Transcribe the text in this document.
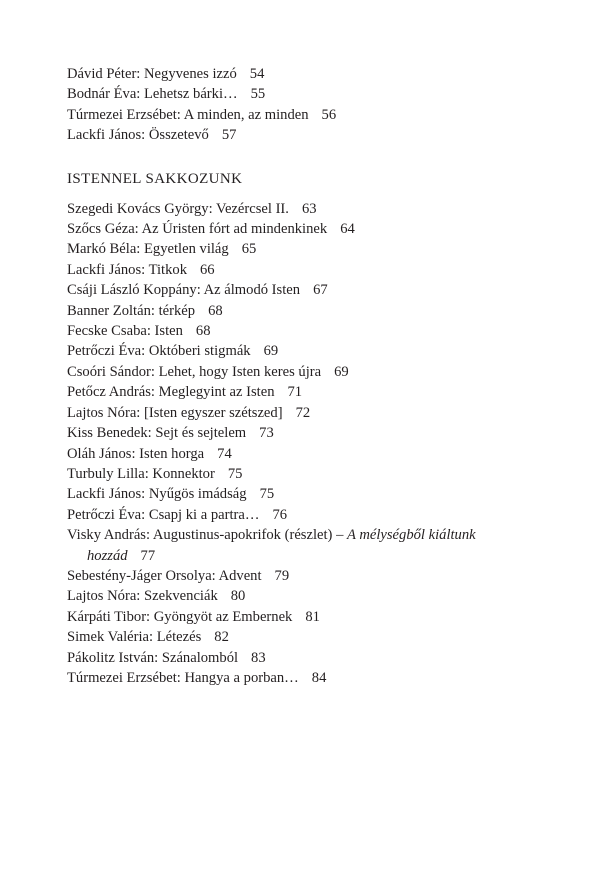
Dávid Péter: Negyvenes izzó 54
Bodnár Éva: Lehetsz bárki… 55
Túrmezei Erzsébet: A minden, az minden 56
Lackfi János: Összetevő 57
ISTENNEL SAKKOZUNK
Szegedi Kovács György: Vezércsel II. 63
Szőcs Géza: Az Úristen fórt ad mindenkinek 64
Markó Béla: Egyetlen világ 65
Lackfi János: Titkok 66
Csáji László Koppány: Az álmodó Isten 67
Banner Zoltán: térkép 68
Fecske Csaba: Isten 68
Petrőczi Éva: Októberi stigmák 69
Csoóri Sándor: Lehet, hogy Isten keres újra 69
Petőcz András: Meglegyint az Isten 71
Lajtos Nóra: [Isten egyszer szétszed] 72
Kiss Benedek: Sejt és sejtelem 73
Oláh János: Isten horga 74
Turbuly Lilla: Konnektor 75
Lackfi János: Nyűgös imádság 75
Petrőczi Éva: Csapj ki a partra… 76
Visky András: Augustinus-apokrifok (részlet) – A mélységből kiáltunk hozzád 77
Sebestény-Jáger Orsolya: Advent 79
Lajtos Nóra: Szekvenciák 80
Kárpáti Tibor: Gyöngyöt az Embernek 81
Simek Valéria: Létezés 82
Pákolitz István: Szánalomból 83
Túrmezei Erzsébet: Hangya a porban… 84
